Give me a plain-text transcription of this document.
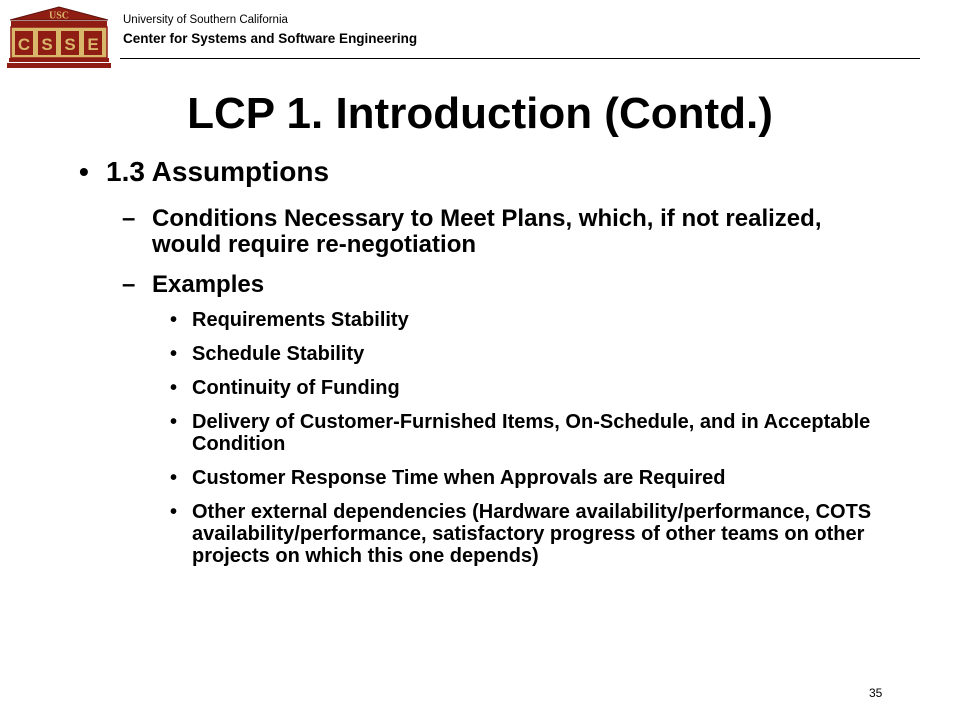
USC
C S S E
University of Southern California
Center for Systems and Software Engineering
LCP 1. Introduction (Contd.)
• 1.3 Assumptions
– Conditions Necessary to Meet Plans, which, if not realized, would require re-negotiation
– Examples
• Requirements Stability
• Schedule Stability
• Continuity of Funding
• Delivery of Customer-Furnished Items, On-Schedule, and in Acceptable Condition
• Customer Response Time when Approvals are Required
• Other external dependencies (Hardware availability/performance, COTS availability/performance, satisfactory progress of other teams on other projects on which this one depends)
35
